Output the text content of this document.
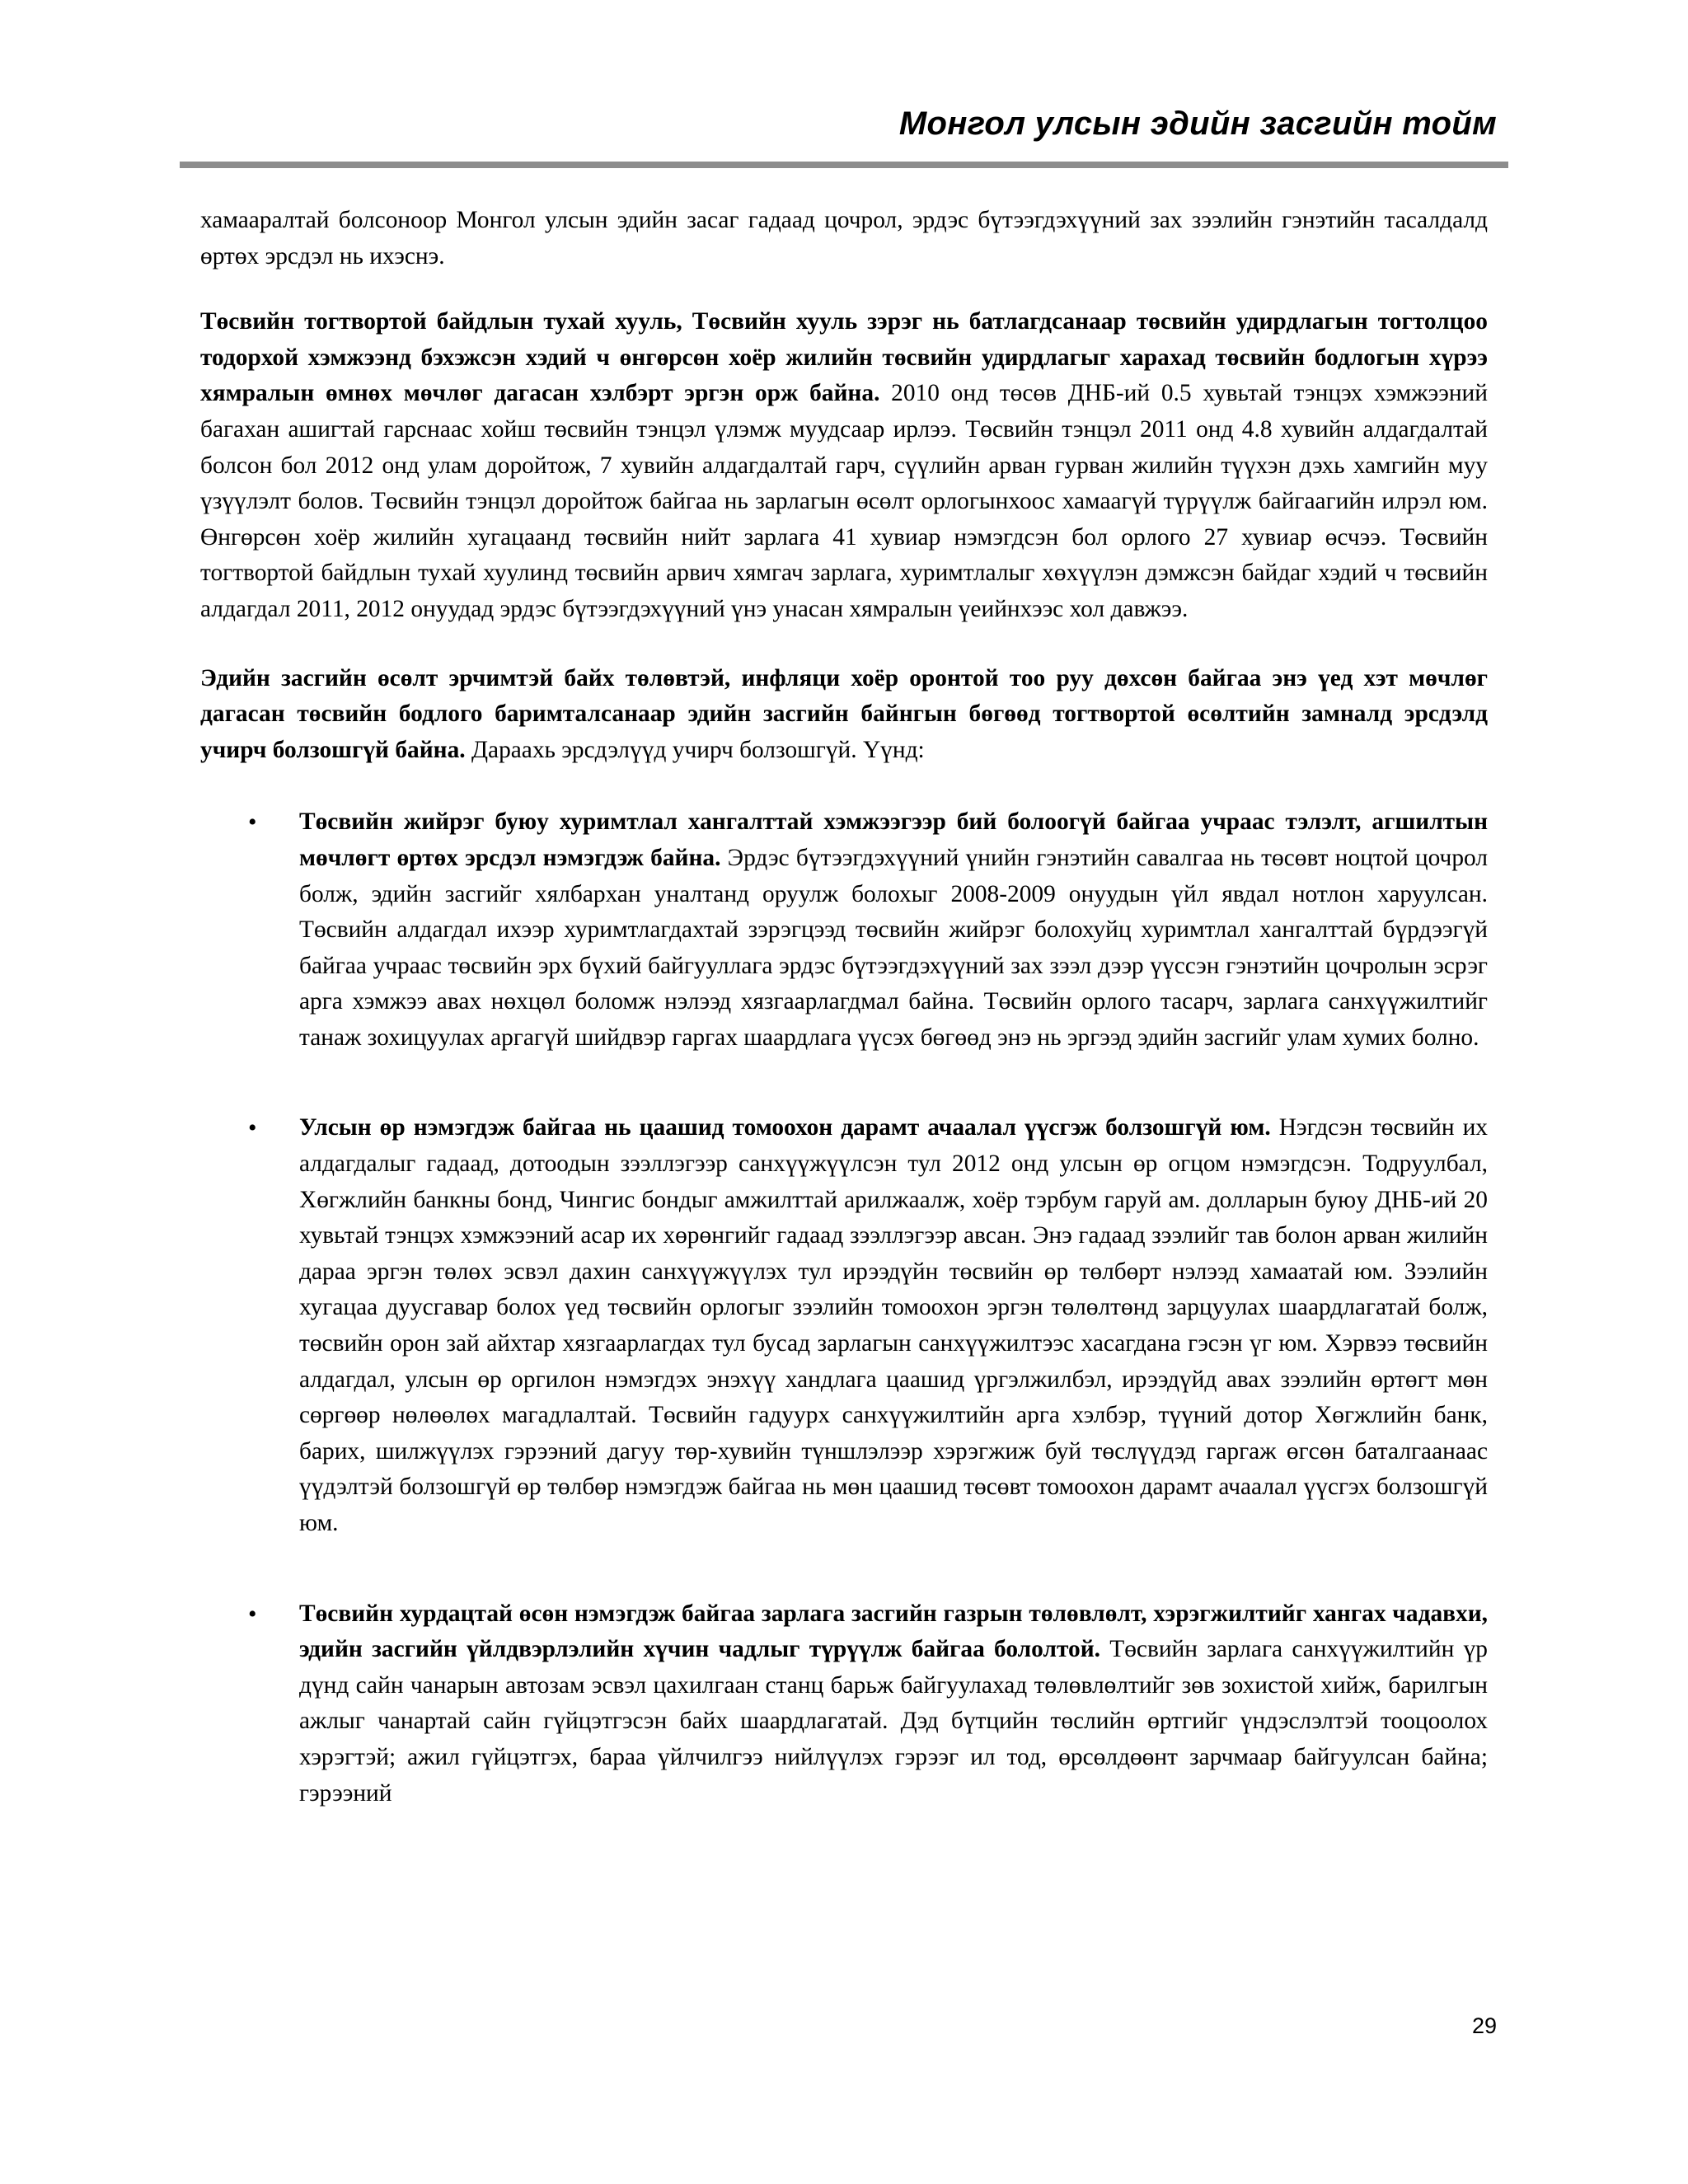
Монгол улсын эдийн засгийн тойм

хамааралтай болсоноор Монгол улсын эдийн засаг гадаад цочрол, эрдэс бүтээгдэхүүний зах зээлийн гэнэтийн тасалдалд өртөх эрсдэл нь ихэснэ.

Төсвийн тогтвортой байдлын тухай хууль, Төсвийн хууль зэрэг нь батлагдсанаар төсвийн удирдлагын тогтолцоо тодорхой хэмжээнд бэхэжсэн хэдий ч өнгөрсөн хоёр жилийн төсвийн удирдлагыг харахад төсвийн бодлогын хүрээ хямралын өмнөх мөчлөг дагасан хэлбэрт эргэн орж байна. 2010 онд төсөв ДНБ-ий 0.5 хувьтай тэнцэх хэмжээний багахан ашигтай гарснаас хойш төсвийн тэнцэл үлэмж муудсаар ирлээ. Төсвийн тэнцэл 2011 онд 4.8 хувийн алдагдалтай болсон бол 2012 онд улам доройтож, 7 хувийн алдагдалтай гарч, сүүлийн арван гурван жилийн түүхэн дэхь хамгийн муу үзүүлэлт болов. Төсвийн тэнцэл доройтож байгаа нь зарлагын өсөлт орлогынхоос хамаагүй түрүүлж байгаагийн илрэл юм. Өнгөрсөн хоёр жилийн хугацаанд төсвийн нийт зарлага 41 хувиар нэмэгдсэн бол орлого 27 хувиар өсчээ. Төсвийн тогтвортой байдлын тухай хуулинд төсвийн арвич хямгач зарлага, хуримтлалыг хөхүүлэн дэмжсэн байдаг хэдий ч төсвийн алдагдал 2011, 2012 онуудад эрдэс бүтээгдэхүүний үнэ унасан хямралын үеийнхээс хол давжээ.

Эдийн засгийн өсөлт эрчимтэй байх төлөвтэй, инфляци хоёр оронтой тоо руу дөхсөн байгаа энэ үед хэт мөчлөг дагасан төсвийн бодлого баримталсанаар эдийн засгийн байнгын бөгөөд тогтвортой өсөлтийн замналд эрсдэлд учирч болзошгүй байна. Дараахь эрсдэлүүд учирч болзошгүй. Үүнд:

• Төсвийн жийрэг буюу хуримтлал хангалттай хэмжээгээр бий болоогүй байгаа учраас тэлэлт, агшилтын мөчлөгт өртөх эрсдэл нэмэгдэж байна. Эрдэс бүтээгдэхүүний үнийн гэнэтийн савалгаа нь төсөвт ноцтой цочрол болж, эдийн засгийг хялбархан уналтанд оруулж болохыг 2008-2009 онуудын үйл явдал нотлон харуулсан. Төсвийн алдагдал ихээр хуримтлагдахтай зэрэгцээд төсвийн жийрэг болохуйц хуримтлал хангалттай бүрдээгүй байгаа учраас төсвийн эрх бүхий байгууллага эрдэс бүтээгдэхүүний зах зээл дээр үүссэн гэнэтийн цочролын эсрэг арга хэмжээ авах нөхцөл боломж нэлээд хязгаарлагдмал байна. Төсвийн орлого тасарч, зарлага санхүүжилтийг танаж зохицуулах аргагүй шийдвэр гаргах шаардлага үүсэх бөгөөд энэ нь эргээд эдийн засгийг улам хумих болно.

• Улсын өр нэмэгдэж байгаа нь цаашид томоохон дарамт ачаалал үүсгэж болзошгүй юм. Нэгдсэн төсвийн их алдагдалыг гадаад, дотоодын зээллэгээр санхүүжүүлсэн тул 2012 онд улсын өр огцом нэмэгдсэн. Тодруулбал, Хөгжлийн банкны бонд, Чингис бондыг амжилттай арилжаалж, хоёр тэрбум гаруй ам. долларын буюу ДНБ-ий 20 хувьтай тэнцэх хэмжээний асар их хөрөнгийг гадаад зээллэгээр авсан. Энэ гадаад зээлийг тав болон арван жилийн дараа эргэн төлөх эсвэл дахин санхүүжүүлэх тул ирээдүйн төсвийн өр төлбөрт нэлээд хамаатай юм. Зээлийн хугацаа дуусгавар болох үед төсвийн орлогыг зээлийн томоохон эргэн төлөлтөнд зарцуулах шаардлагатай болж, төсвийн орон зай айхтар хязгаарлагдах тул бусад зарлагын санхүүжилтээс хасагдана гэсэн үг юм. Хэрвээ төсвийн алдагдал, улсын өр оргилон нэмэгдэх энэхүү хандлага цаашид үргэлжилбэл, ирээдүйд авах зээлийн өртөгт мөн сөргөөр нөлөөлөх магадлалтай. Төсвийн гадуурх санхүүжилтийн арга хэлбэр, түүний дотор Хөгжлийн банк, барих, шилжүүлэх гэрээний дагуу төр-хувийн түншлэлээр хэрэгжиж буй төслүүдэд гаргаж өгсөн баталгаанаас үүдэлтэй болзошгүй өр төлбөр нэмэгдэж байгаа нь мөн цаашид төсөвт томоохон дарамт ачаалал үүсгэх болзошгүй юм.

• Төсвийн хурдацтай өсөн нэмэгдэж байгаа зарлага засгийн газрын төлөвлөлт, хэрэгжилтийг хангах чадавхи, эдийн засгийн үйлдвэрлэлийн хүчин чадлыг түрүүлж байгаа бололтой. Төсвийн зарлага санхүүжилтийн үр дүнд сайн чанарын автозам эсвэл цахилгаан станц барьж байгуулахад төлөвлөлтийг зөв зохистой хийж, барилгын ажлыг чанартай сайн гүйцэтгэсэн байх шаардлагатай. Дэд бүтцийн төслийн өртгийг үндэслэлтэй тооцоолох хэрэгтэй; ажил гүйцэтгэх, бараа үйлчилгээ нийлүүлэх гэрээг ил тод, өрсөлдөөнт зарчмаар байгуулсан байна; гэрээний

29
